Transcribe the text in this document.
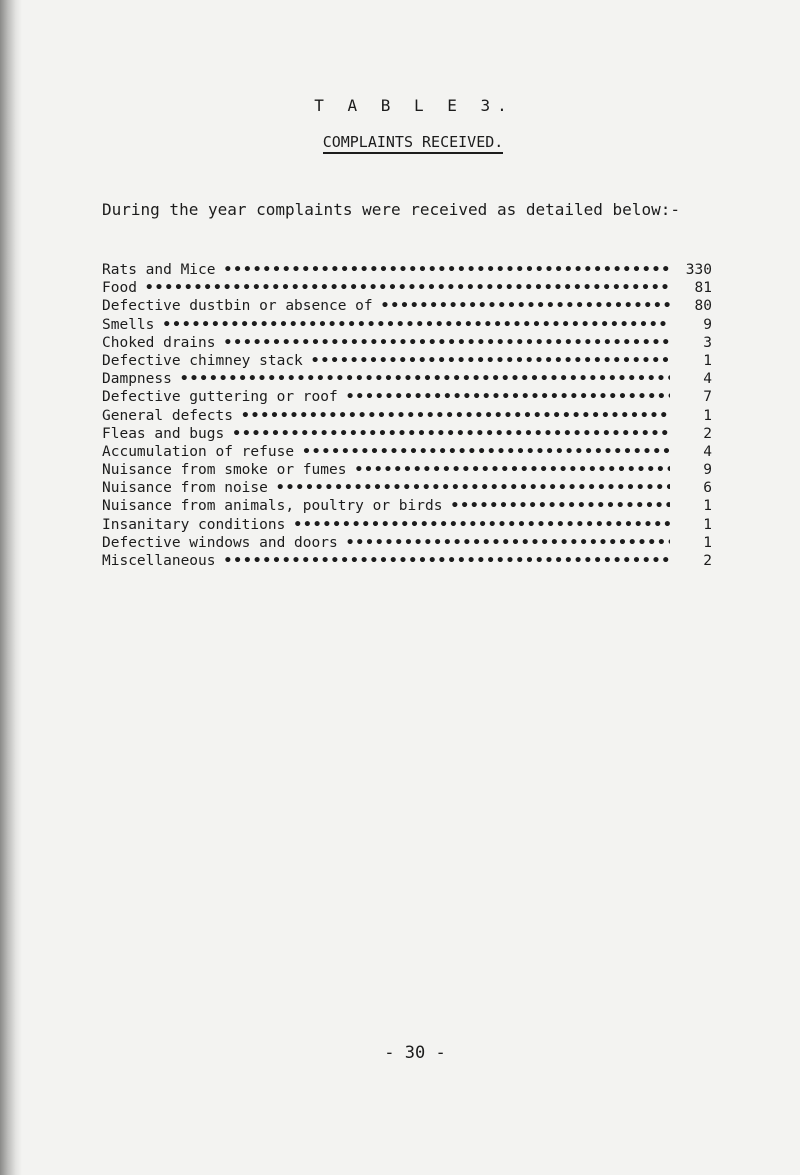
T A B L E 3.
COMPLAINTS RECEIVED.
During the year complaints were received as detailed below:-
Rats and Mice •••••	330
Food •••••	81
Defective dustbin or absence of •••••	80
Smells •••••	9
Choked drains •••••	3
Defective chimney stack •••••	1
Dampness •••••	4
Defective guttering or roof •••••	7
General defects •••••	1
Fleas and bugs •••••	2
Accumulation of refuse •••••	4
Nuisance from smoke or fumes •••••	9
Nuisance from noise •••••	6
Nuisance from animals, poultry or birds •••••	1
Insanitary conditions •••••	1
Defective windows and doors •••••	1
Miscellaneous •••••	2
- 30 -
